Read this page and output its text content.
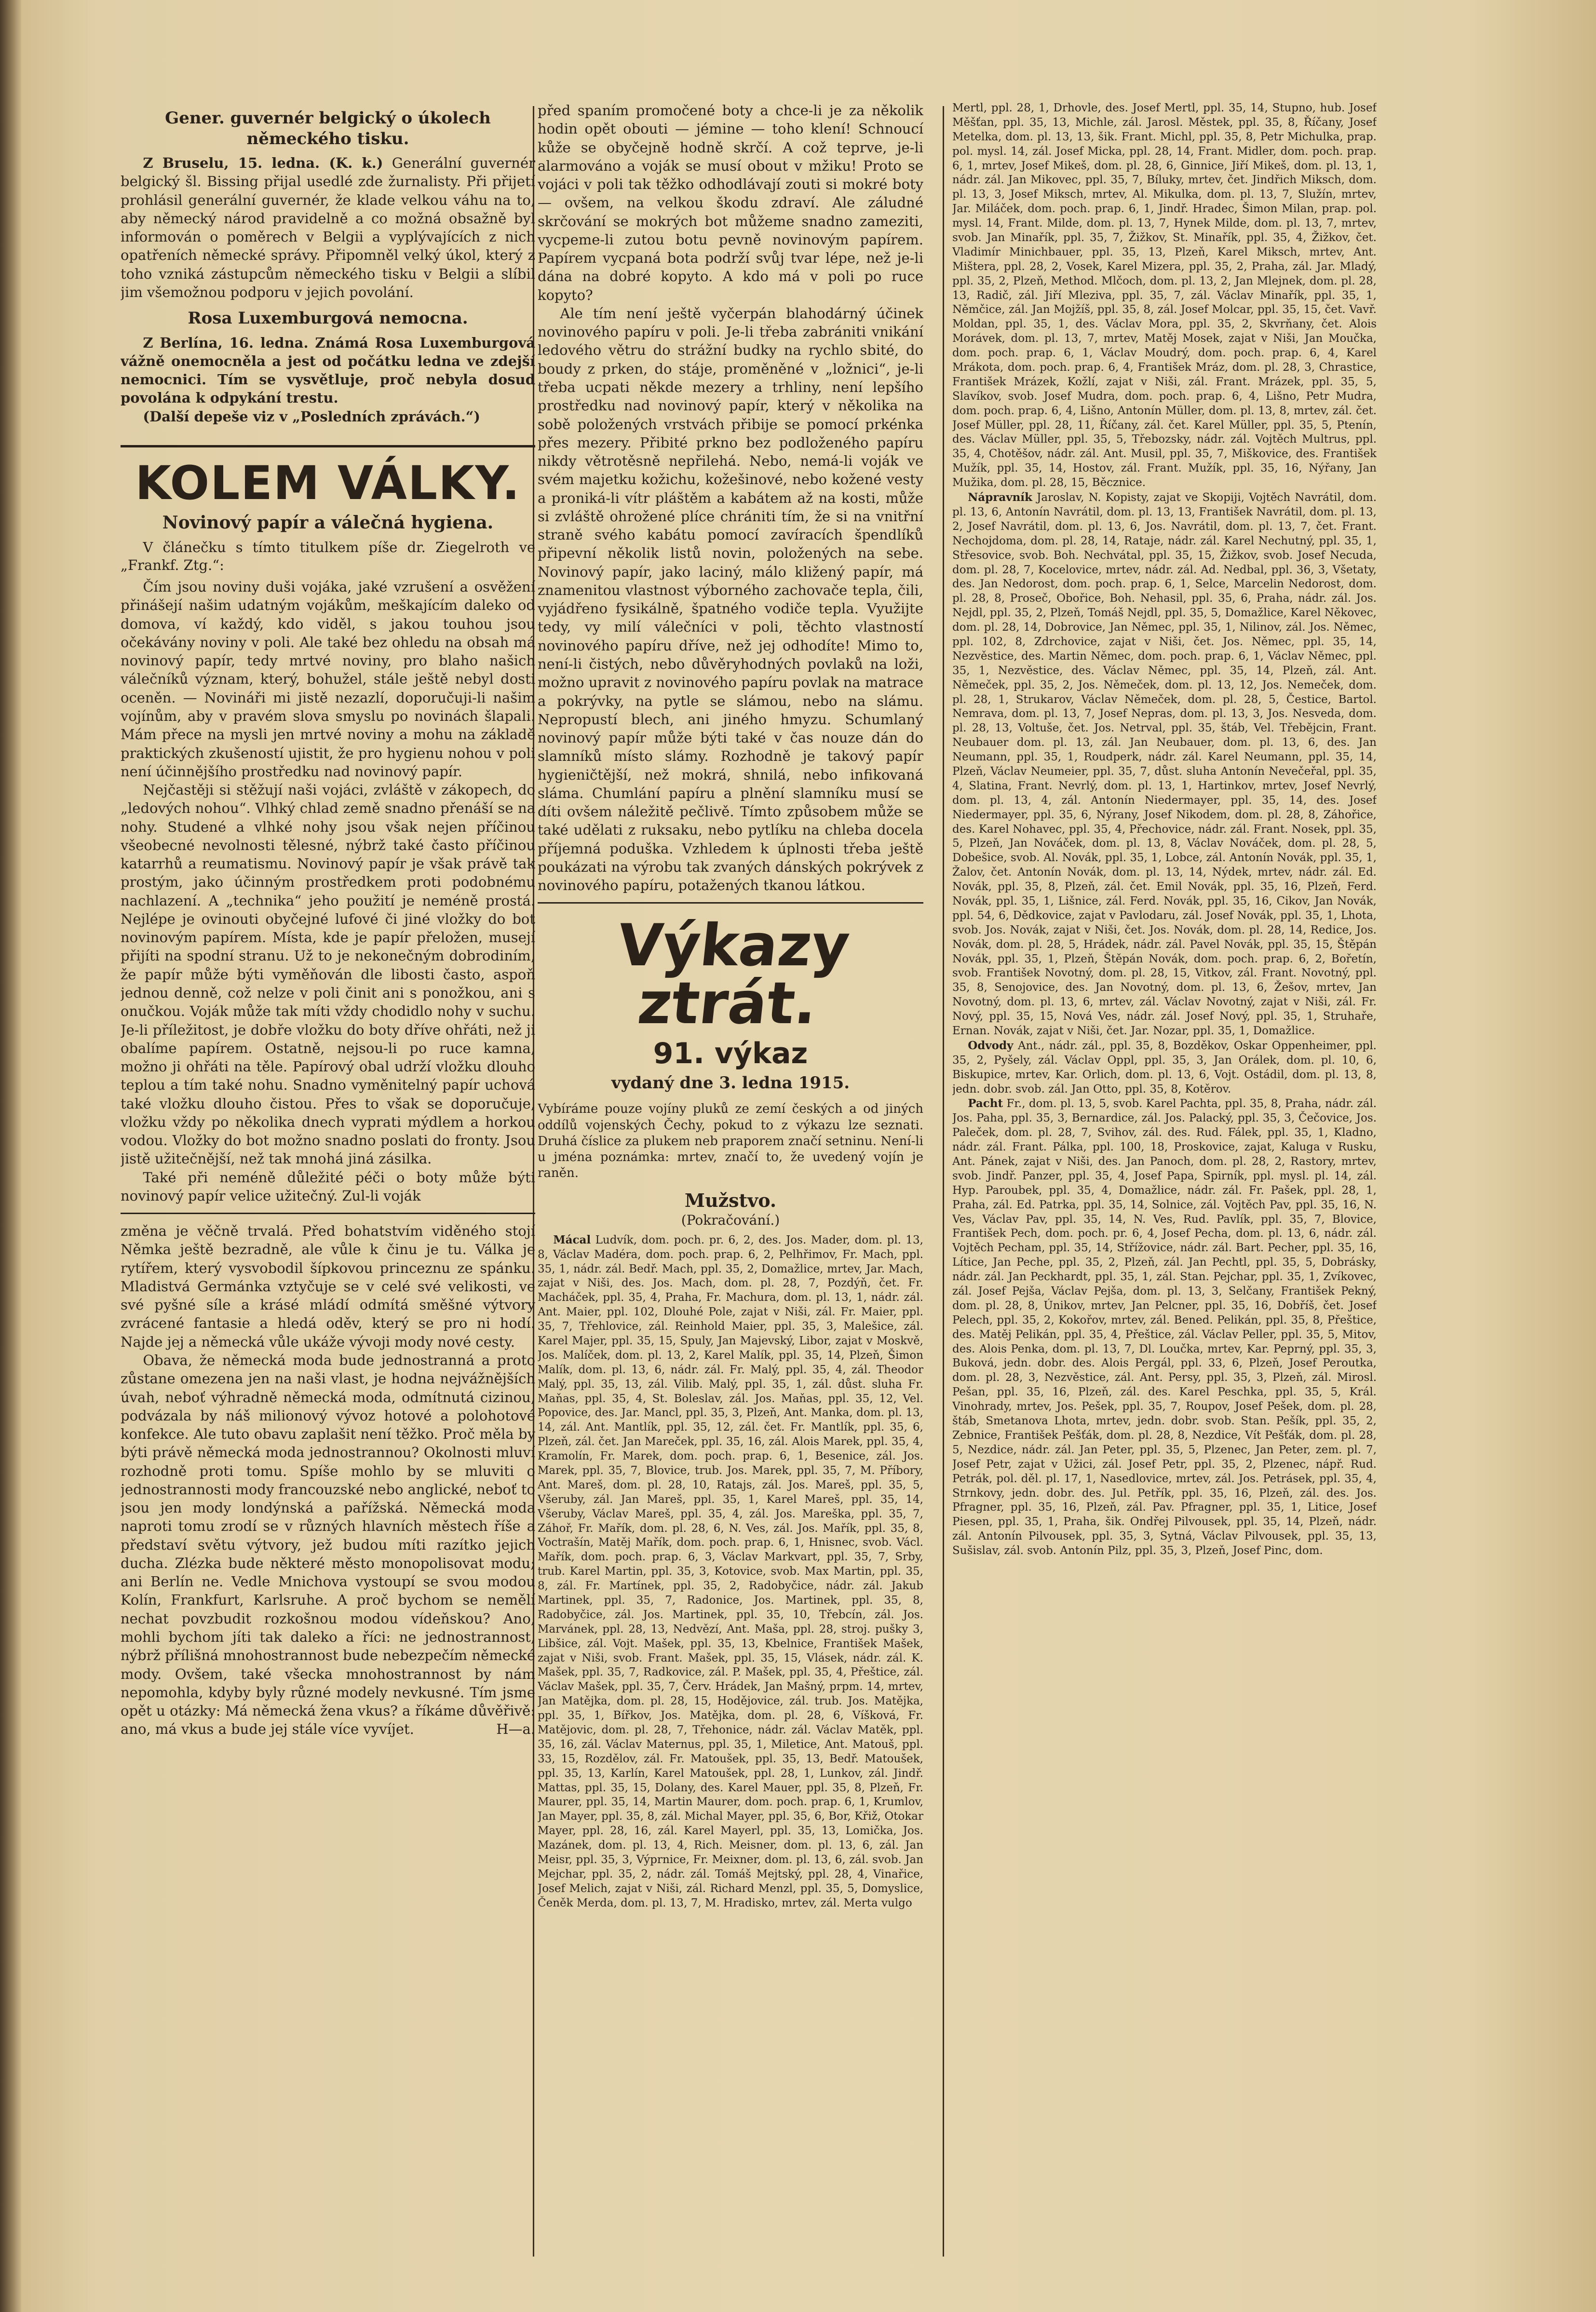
Gener. guvernér belgický o úkolech německého tisku.

Z Bruselu, 15. ledna. (K. k.) Generální guvernér belgický šl. Bissing přijal usedlé zde žurnalisty. Při přijetí prohlásil generální guvernér, že klade velkou váhu na to, aby německý národ pravidelně a co možná obsažně byl informován o poměrech v Belgii a vyplývajících z nich opatřeních německé správy. Připomněl velký úkol, který z toho vzniká zástupcům německého tisku v Belgii a slíbil jim všemožnou podporu v jejich povolání.

Rosa Luxemburgová nemocna.

Z Berlína, 16. ledna. Známá Rosa Luxemburgová vážně onemocněla a jest od počátku ledna ve zdejší nemocnici. Tím se vysvětluje, proč nebyla dosud povolána k odpykání trestu.

(Další depeše viz v „Posledních zprávách.“)

KOLEM VÁLKY.
Novinový papír a válečná hygiena.

V článečku s tímto titulkem píše dr. Ziegelroth ve „Frankf. Ztg.“:

Čím jsou noviny duši vojáka, jaké vzrušení a osvěžení přinášejí našim udatným vojákům, meškajícím daleko od domova, ví každý, kdo viděl, s jakou touhou jsou očekávány noviny v poli. Ale také bez ohledu na obsah má novinový papír, tedy mrtvé noviny, pro blaho našich válečníků význam, který, bohužel, stále ještě nebyl dosti oceněn. — Novináři mi jistě nezazlí, doporučuji-li našim vojínům, aby v pravém slova smyslu po novinách šlapali. Mám přece na mysli jen mrtvé noviny a mohu na základě praktických zkušeností ujistit, že pro hygienu nohou v poli není účinnějšího prostředku nad novinový papír.

Nejčastěji si stěžují naši vojáci, zvláště v zákopech, do „ledových nohou“. Vlhký chlad země snadno přenáší se na nohy. Studené a vlhké nohy jsou však nejen příčinou všeobecné nevolnosti tělesné, nýbrž také často příčinou katarrhů a reumatismu. Novinový papír je však právě tak prostým, jako účinným prostředkem proti podobnému nachlazení. A „technika“ jeho použití je neméně prostá. Nejlépe je ovinouti obyčejné lufové či jiné vložky do bot novinovým papírem. Místa, kde je papír přeložen, musejí přijíti na spodní stranu. Už to je nekonečným dobrodiním, že papír může býti vyměňován dle libosti často, aspoň jednou denně, což nelze v poli činit ani s ponožkou, ani s onučkou. Voják může tak míti vždy chodidlo nohy v suchu. Je-li příležitost, je dobře vložku do boty dříve ohřáti, než ji obalíme papírem. Ostatně, nejsou-li po ruce kamna, možno ji ohřáti na těle. Papírový obal udrží vložku dlouho teplou a tím také nohu. Snadno vyměnitelný papír uchová také vložku dlouho čistou. Přes to však se doporučuje, vložku vždy po několika dnech vyprati mýdlem a horkou vodou. Vložky do bot možno snadno poslati do fronty. Jsou jistě užitečnější, než tak mnohá jiná zásilka.

Také při neméně důležité péči o boty může býti novinový papír velice užitečný. Zul-li voják

změna je věčně trvalá. Před bohatstvím viděného stojí Němka ještě bezradně, ale vůle k činu je tu. Válka je rytířem, který vysvobodil šípkovou princeznu ze spánku. Mladistvá Germánka vztyčuje se v celé své velikosti, ve své pyšné síle a krásé mládí odmítá směšné výtvory zvrácené fantasie a hledá oděv, který se pro ni hodí. Najde jej a německá vůle ukáže vývoji mody nové cesty.

Obava, že německá moda bude jednostranná a proto zůstane omezena jen na naši vlast, je hodna nejvážnějších úvah, neboť výhradně německá moda, odmítnutá cizinou, podvázala by náš milionový vývoz hotové a polohotové konfekce. Ale tuto obavu zaplašit není těžko. Proč měla by býti právě německá moda jednostrannou? Okolnosti mluví rozhodně proti tomu. Spíše mohlo by se mluviti o jednostrannosti mody francouzské nebo anglické, neboť to jsou jen mody londýnská a pařížská. Německá moda naproti tomu zrodí se v různých hlavních městech říše a představí světu výtvory, jež budou míti razítko jejich ducha. Zlézka bude některé město monopolisovat modu; ani Berlín ne. Vedle Mnichova vystoupí se svou modou Kolín, Frankfurt, Karlsruhe. A proč bychom se nemělí nechat povzbudit rozkošnou modou vídeňskou? Ano, mohli bychom jíti tak daleko a říci: ne jednostrannost, nýbrž přílišná mnohostrannost bude nebezpečím německé mody. Ovšem, také všecka mnohostrannost by nám nepomohla, kdyby byly různé modely nevkusné. Tím jsme opět u otázky: Má německá žena vkus? a říkáme důvěřivě: ano, má vkus a bude jej stále více vyvíjet.	H—a.

před spaním promočené boty a chce-li je za několik hodin opět obouti — jémine — toho klení! Schnoucí kůže se obyčejně hodně skrčí. A což teprve, je-li alarmováno a voják se musí obout v mžiku! Proto se vojáci v poli tak těžko odhodlávají zouti si mokré boty — ovšem, na velkou škodu zdraví. Ale záludné skrčování se mokrých bot můžeme snadno zameziti, vycpeme-li zutou botu pevně novinovým papírem. Papírem vycpaná bota podrží svůj tvar lépe, než je-li dána na dobré kopyto. A kdo má v poli po ruce kopyto?

Ale tím není ještě vyčerpán blahodárný účinek novinového papíru v poli. Je-li třeba zabrániti vnikání ledového větru do strážní budky na rychlo sbité, do boudy z prken, do stáje, proměněné v „ložnici“, je-li třeba ucpati někde mezery a trhliny, není lepšího prostředku nad novinový papír, který v několika na sobě položených vrstvách přibije se pomocí prkénka přes mezery. Přibité prkno bez podloženého papíru nikdy větrotěsně nepřilehá. Nebo, nemá-li voják ve svém majetku kožichu, kožešinové, nebo kožené vesty a proniká-li vítr pláštěm a kabátem až na kosti, může si zvláště ohrožené plíce chrániti tím, že si na vnitřní straně svého kabátu pomocí zavíracích špendlíků připevní několik listů novin, položených na sebe. Novinový papír, jako laciný, málo kližený papír, má znamenitou vlastnost výborného zachovače tepla, čili, vyjádřeno fysikálně, špatného vodiče tepla. Využijte tedy, vy milí válečníci v poli, těchto vlastností novinového papíru dříve, než jej odhodíte! Mimo to, není-li čistých, nebo důvěryhodných povlaků na loži, možno upravit z novinového papíru povlak na matrace a pokrývky, na pytle se slámou, nebo na slámu. Nepropustí blech, ani jiného hmyzu. Schumlaný novinový papír může býti také v čas nouze dán do slamníků místo slámy. Rozhodně je takový papír hygieničtější, než mokrá, shnilá, nebo infikovaná sláma. Chumlání papíru a plnění slamníku musí se díti ovšem náležitě pečlivě. Tímto způsobem může se také udělati z ruksaku, nebo pytlíku na chleba docela příjemná poduška. Vzhledem k úplnosti třeba ještě poukázati na výrobu tak zvaných dánských pokrývek z novinového papíru, potažených tkanou látkou.

Výkazy ztrát.
91. výkaz
vydaný dne 3. ledna 1915.

Vybíráme pouze vojíny pluků ze zemí českých a od jiných oddílů vojenských Čechy, pokud to z výkazu lze seznati. Druhá číslice za plukem neb praporem značí setninu. Není-li u jména poznámka: mrtev, značí to, že uvedený vojín je raněn.

Mužstvo.
(Pokračování.)

Mácal Ludvík, dom. poch. pr. 6, 2, des. Jos. Mader, dom. pl. 13, 8, Václav Madéra, dom. poch. prap. 6, 2, Pelhřimov, Fr. Mach, ppl. 35, 1, nádr. zál. Bedř. Mach, ppl. 35, 2, Domažlice, mrtev, Jar. Mach, zajat v Niši, des. Jos. Mach, dom. pl. 28, 7, Pozdýň, čet. Fr. Macháček, ppl. 35, 4, Praha, Fr. Machura, dom. pl. 13, 1, nádr. zál. Ant. Maier, ppl. 102, Dlouhé Pole, zajat v Niši, zál. Fr. Maier, ppl. 35, 7, Třehlovice, zál. Reinhold Maier, ppl. 35, 3, Malešice, zál. Karel Majer, ppl. 35, 15, Spuly, Jan Majevský, Libor, zajat v Moskvě, Jos. Malíček, dom. pl. 13, 2, Karel Malík, ppl. 35, 14, Plzeň, Šimon Malík, dom. pl. 13, 6, nádr. zál. Fr. Malý, ppl. 35, 4, zál. Theodor Malý, ppl. 35, 13, zál. Vilib. Malý, ppl. 35, 1, zál. důst. sluha Fr. Maňas, ppl. 35, 4, St. Boleslav, zál. Jos. Maňas, ppl. 35, 12, Vel. Popovice, des. Jar. Mancl, ppl. 35, 3, Plzeň, Ant. Manka, dom. pl. 13, 14, zál. Ant. Mantlík, ppl. 35, 12, zál. čet. Fr. Mantlík, ppl. 35, 6, Plzeň, zál. čet. Jan Mareček, ppl. 35, 16, zál. Alois Marek, ppl. 35, 4, Kramolín, Fr. Marek, dom. poch. prap. 6, 1, Besenice, zál. Jos. Marek, ppl. 35, 7, Blovice, trub. Jos. Marek, ppl. 35, 7, M. Příbory, Ant. Mareš, dom. pl. 28, 10, Ratajs, zál. Jos. Mareš, ppl. 35, 5, Všeruby, zál. Jan Mareš, ppl. 35, 1, Karel Mareš, ppl. 35, 14, Všeruby, Václav Mareš, ppl. 35, 4, zál. Jos. Mareška, ppl. 35, 7, Záhoř, Fr. Mařík, dom. pl. 28, 6, N. Ves, zál. Jos. Mařík, ppl. 35, 8, Voctrašín, Matěj Mařík, dom. poch. prap. 6, 1, Hnisnec, svob. Václ. Mařík, dom. poch. prap. 6, 3, Václav Markvart, ppl. 35, 7, Srby, trub. Karel Martin, ppl. 35, 3, Kotovice, svob. Max Martin, ppl. 35, 8, zál. Fr. Martínek, ppl. 35, 2, Radobyčice, nádr. zál. Jakub Martinek, ppl. 35, 7, Radonice, Jos. Martinek, ppl. 35, 8, Radobyčice, zál. Jos. Martinek, ppl. 35, 10, Třebcín, zál. Jos. Marvánek, ppl. 28, 13, Nedvězí, Ant. Maša, ppl. 28, stroj. pušky 3, Libšice, zál. Vojt. Mašek, ppl. 35, 13, Kbelnice, František Mašek, zajat v Niši, svob. Frant. Mašek, ppl. 35, 15, Vlásek, nádr. zál. K. Mašek, ppl. 35, 7, Radkovice, zál. P. Mašek, ppl. 35, 4, Přeštice, zál. Václav Mašek, ppl. 35, 7, Červ. Hrádek, Jan Mašný, prpm. 14, mrtev, Jan Matějka, dom. pl. 28, 15, Hodějovice, zál. trub. Jos. Matějka, ppl. 35, 1, Bířkov, Jos. Matějka, dom. pl. 28, 6, Víšková, Fr. Matějovic, dom. pl. 28, 7, Třehonice, nádr. zál. Václav Matěk, ppl. 35, 16, zál. Václav Maternus, ppl. 35, 1, Miletice, Ant. Matouš, ppl. 33, 15, Rozdělov, zál. Fr. Matoušek, ppl. 35, 13, Bedř. Matoušek, ppl. 35, 13, Karlín, Karel Matoušek, ppl. 28, 1, Lunkov, zál. Jindř. Mattas, ppl. 35, 15, Dolany, des. Karel Mauer, ppl. 35, 8, Plzeň, Fr. Maurer, ppl. 35, 14, Martin Maurer, dom. poch. prap. 6, 1, Krumlov, Jan Mayer, ppl. 35, 8, zál. Michal Mayer, ppl. 35, 6, Bor, Křiž, Otokar Mayer, ppl. 28, 16, zál. Karel Mayerl, ppl. 35, 13, Lomička, Jos. Mazánek, dom. pl. 13, 4, Rich. Meisner, dom. pl. 13, 6, zál. Jan Meisr, ppl. 35, 3, Výprnice, Fr. Meixner, dom. pl. 13, 6, zál. svob. Jan Mejchar, ppl. 35, 2, nádr. zál. Tomáš Mejtský, ppl. 28, 4, Vinařice, Josef Melich, zajat v Niši, zál. Richard Menzl, ppl. 35, 5, Domyslice, Čeněk Merda, dom. pl. 13, 7, M. Hradisko, mrtev, zál. Merta vulgo

Mertl, ppl. 28, 1, Drhovle, des. Josef Mertl, ppl. 35, 14, Stupno, hub. Josef Měšťan, ppl. 35, 13, Michle, zál. Jarosl. Městek, ppl. 35, 8, Říčany, Josef Metelka, dom. pl. 13, 13, šik. Frant. Michl, ppl. 35, 8, Petr Michulka, prap. pol. mysl. 14, zál. Josef Micka, ppl. 28, 14, Frant. Midler, dom. poch. prap. 6, 1, mrtev, Josef Mikeš, dom. pl. 28, 6, Ginnice, Jiří Mikeš, dom. pl. 13, 1, nádr. zál. Jan Mikovec, ppl. 35, 7, Bíluky, mrtev, čet. Jindřich Miksch, dom. pl. 13, 3, Josef Miksch, mrtev, Al. Mikulka, dom. pl. 13, 7, Služín, mrtev, Jar. Miláček, dom. poch. prap. 6, 1, Jindř. Hradec, Šimon Milan, prap. pol. mysl. 14, Frant. Milde, dom. pl. 13, 7, Hynek Milde, dom. pl. 13, 7, mrtev, svob. Jan Minařík, ppl. 35, 7, Žižkov, St. Minařík, ppl. 35, 4, Žižkov, čet. Vladimír Minichbauer, ppl. 35, 13, Plzeň, Karel Miksch, mrtev, Ant. Mištera, ppl. 28, 2, Vosek, Karel Mizera, ppl. 35, 2, Praha, zál. Jar. Mladý, ppl. 35, 2, Plzeň, Method. Mlčoch, dom. pl. 13, 2, Jan Mlejnek, dom. pl. 28, 13, Radič, zál. Jiří Mleziva, ppl. 35, 7, zál. Václav Minařík, ppl. 35, 1, Němčice, zál. Jan Mojžíš, ppl. 35, 8, zál. Josef Molcar, ppl. 35, 15, čet. Vavř. Moldan, ppl. 35, 1, des. Václav Mora, ppl. 35, 2, Skvrňany, čet. Alois Morávek, dom. pl. 13, 7, mrtev, Matěj Mosek, zajat v Niši, Jan Moučka, dom. poch. prap. 6, 1, Václav Moudrý, dom. poch. prap. 6, 4, Karel Mrákota, dom. poch. prap. 6, 4, František Mráz, dom. pl. 28, 3, Chrastice, František Mrázek, Kožlí, zajat v Niši, zál. Frant. Mrázek, ppl. 35, 5, Slavíkov, svob. Josef Mudra, dom. poch. prap. 6, 4, Lišno, Petr Mudra, dom. poch. prap. 6, 4, Lišno, Antonín Müller, dom. pl. 13, 8, mrtev, zál. čet. Josef Müller, ppl. 28, 11, Říčany, zál. čet. Karel Müller, ppl. 35, 5, Ptenín, des. Václav Müller, ppl. 35, 5, Třebozsky, nádr. zál. Vojtěch Multrus, ppl. 35, 4, Chotěšov, nádr. zál. Ant. Musil, ppl. 35, 7, Miškovice, des. František Mužík, ppl. 35, 14, Hostov, zál. Frant. Mužík, ppl. 35, 16, Nýřany, Jan Mužika, dom. pl. 28, 15, Běcznice.

Nápravník Jaroslav, N. Kopisty, zajat ve Skopiji, Vojtěch Navrátil, dom. pl. 13, 6, Antonín Navrátil, dom. pl. 13, 13, František Navrátil, dom. pl. 13, 2, Josef Navrátil, dom. pl. 13, 6, Jos. Navrátil, dom. pl. 13, 7, čet. Frant. Nechojdoma, dom. pl. 28, 14, Rataje, nádr. zál. Karel Nechutný, ppl. 35, 1, Střesovice, svob. Boh. Nechvátal, ppl. 35, 15, Žižkov, svob. Josef Necuda, dom. pl. 28, 7, Kocelovice, mrtev, nádr. zál. Ad. Nedbal, ppl. 36, 3, Všetaty, des. Jan Nedorost, dom. poch. prap. 6, 1, Selce, Marcelin Nedorost, dom. pl. 28, 8, Proseč, Obořice, Boh. Nehasil, ppl. 35, 6, Praha, nádr. zál. Jos. Nejdl, ppl. 35, 2, Plzeň, Tomáš Nejdl, ppl. 35, 5, Domažlice, Karel Někovec, dom. pl. 28, 14, Dobrovice, Jan Němec, ppl. 35, 1, Nilinov, zál. Jos. Němec, ppl. 102, 8, Zdrchovice, zajat v Niši, čet. Jos. Němec, ppl. 35, 14, Nezvěstice, des. Martin Němec, dom. poch. prap. 6, 1, Václav Němec, ppl. 35, 1, Nezvěstice, des. Václav Němec, ppl. 35, 14, Plzeň, zál. Ant. Němeček, ppl. 35, 2, Jos. Němeček, dom. pl. 13, 12, Jos. Nemeček, dom. pl. 28, 1, Strukarov, Václav Němeček, dom. pl. 28, 5, Čestice, Bartol. Nemrava, dom. pl. 13, 7, Josef Nepras, dom. pl. 13, 3, Jos. Nesveda, dom. pl. 28, 13, Voltuše, čet. Jos. Netrval, ppl. 35, štáb, Vel. Třebějcin, Frant. Neubauer dom. pl. 13, zál. Jan Neubauer, dom. pl. 13, 6, des. Jan Neumann, ppl. 35, 1, Roudperk, nádr. zál. Karel Neumann, ppl. 35, 14, Plzeň, Václav Neumeier, ppl. 35, 7, důst. sluha Antonín Nevečeřal, ppl. 35, 4, Slatina, Frant. Nevrlý, dom. pl. 13, 1, Hartinkov, mrtev, Josef Nevrlý, dom. pl. 13, 4, zál. Antonín Niedermayer, ppl. 35, 14, des. Josef Niedermayer, ppl. 35, 6, Nýrany, Josef Nikodem, dom. pl. 28, 8, Záhořice, des. Karel Nohavec, ppl. 35, 4, Přechovice, nádr. zál. Frant. Nosek, ppl. 35, 5, Plzeň, Jan Nováček, dom. pl. 13, 8, Václav Nováček, dom. pl. 28, 5, Dobešice, svob. Al. Novák, ppl. 35, 1, Lobce, zál. Antonín Novák, ppl. 35, 1, Žalov, čet. Antonín Novák, dom. pl. 13, 14, Nýdek, mrtev, nádr. zál. Ed. Novák, ppl. 35, 8, Plzeň, zál. čet. Emil Novák, ppl. 35, 16, Plzeň, Ferd. Novák, ppl. 35, 1, Lišnice, zál. Ferd. Novák, ppl. 35, 16, Cikov, Jan Novák, ppl. 54, 6, Dědkovice, zajat v Pavlodaru, zál. Josef Novák, ppl. 35, 1, Lhota, svob. Jos. Novák, zajat v Niši, čet. Jos. Novák, dom. pl. 28, 14, Redice, Jos. Novák, dom. pl. 28, 5, Hrádek, nádr. zál. Pavel Novák, ppl. 35, 15, Štěpán Novák, ppl. 35, 1, Plzeň, Štěpán Novák, dom. poch. prap. 6, 2, Bořetín, svob. František Novotný, dom. pl. 28, 15, Vitkov, zál. Frant. Novotný, ppl. 35, 8, Senojovice, des. Jan Novotný, dom. pl. 13, 6, Žešov, mrtev, Jan Novotný, dom. pl. 13, 6, mrtev, zál. Václav Novotný, zajat v Niši, zál. Fr. Nový, ppl. 35, 15, Nová Ves, nádr. zál. Josef Nový, ppl. 35, 1, Struhaře, Ernan. Novák, zajat v Niši, čet. Jar. Nozar, ppl. 35, 1, Domažlice.

Odvody Ant., nádr. zál., ppl. 35, 8, Bozděkov, Oskar Oppenheimer, ppl. 35, 2, Pyšely, zál. Václav Oppl, ppl. 35, 3, Jan Orálek, dom. pl. 10, 6, Biskupice, mrtev, Kar. Orlich, dom. pl. 13, 6, Vojt. Ostádil, dom. pl. 13, 8, jedn. dobr. svob. zál. Jan Otto, ppl. 35, 8, Kotěrov.

Pacht Fr., dom. pl. 13, 5, svob. Karel Pachta, ppl. 35, 8, Praha, nádr. zál. Jos. Paha, ppl. 35, 3, Bernardice, zál. Jos. Palacký, ppl. 35, 3, Čečovice, Jos. Paleček, dom. pl. 28, 7, Svihov, zál. des. Rud. Fálek, ppl. 35, 1, Kladno, nádr. zál. Frant. Pálka, ppl. 100, 18, Proskovice, zajat, Kaluga v Rusku, Ant. Pánek, zajat v Niši, des. Jan Panoch, dom. pl. 28, 2, Rastory, mrtev, svob. Jindř. Panzer, ppl. 35, 4, Josef Papa, Spirník, ppl. mysl. pl. 14, zál. Hyp. Paroubek, ppl. 35, 4, Domažlice, nádr. zál. Fr. Pašek, ppl. 28, 1, Praha, zál. Ed. Patrka, ppl. 35, 14, Solnice, zál. Vojtěch Pav, ppl. 35, 16, N. Ves, Václav Pav, ppl. 35, 14, N. Ves, Rud. Pavlík, ppl. 35, 7, Blovice, František Pech, dom. poch. pr. 6, 4, Josef Pecha, dom. pl. 13, 6, nádr. zál. Vojtěch Pecham, ppl. 35, 14, Střížovice, nádr. zál. Bart. Pecher, ppl. 35, 16, Lítice, Jan Peche, ppl. 35, 2, Plzeň, zál. Jan Pechtl, ppl. 35, 5, Dobrásky, nádr. zál. Jan Peckhardt, ppl. 35, 1, zál. Stan. Pejchar, ppl. 35, 1, Zvíkovec, zál. Josef Pejša, Václav Pejša, dom. pl. 13, 3, Selčany, František Pekný, dom. pl. 28, 8, Únikov, mrtev, Jan Pelcner, ppl. 35, 16, Dobříš, čet. Josef Pelech, ppl. 35, 2, Kokořov, mrtev, zál. Bened. Pelikán, ppl. 35, 8, Přeštice, des. Matěj Pelikán, ppl. 35, 4, Přeštice, zál. Václav Peller, ppl. 35, 5, Mitov, des. Alois Penka, dom. pl. 13, 7, Dl. Loučka, mrtev, Kar. Peprný, ppl. 35, 3, Buková, jedn. dobr. des. Alois Pergál, ppl. 33, 6, Plzeň, Josef Peroutka, dom. pl. 28, 3, Nezvěstice, zál. Ant. Persy, ppl. 35, 3, Plzeň, zál. Mirosl. Pešan, ppl. 35, 16, Plzeň, zál. des. Karel Peschka, ppl. 35, 5, Král. Vinohrady, mrtev, Jos. Pešek, ppl. 35, 7, Roupov, Josef Pešek, dom. pl. 28, štáb, Smetanova Lhota, mrtev, jedn. dobr. svob. Stan. Pešík, ppl. 35, 2, Zebnice, František Pešťák, dom. pl. 28, 8, Nezdice, Vít Pešťák, dom. pl. 28, 5, Nezdice, nádr. zál. Jan Peter, ppl. 35, 5, Plzenec, Jan Peter, zem. pl. 7, Josef Petr, zajat v Užici, zál. Josef Petr, ppl. 35, 2, Plzenec, nápř. Rud. Petrák, pol. děl. pl. 17, 1, Nasedlovice, mrtev, zál. Jos. Petrásek, ppl. 35, 4, Strnkovy, jedn. dobr. des. Jul. Petřík, ppl. 35, 16, Plzeň, zál. des. Jos. Pfragner, ppl. 35, 16, Plzeň, zál. Pav. Pfragner, ppl. 35, 1, Litice, Josef Piesen, ppl. 35, 1, Praha, šik. Ondřej Pilvousek, ppl. 35, 14, Plzeň, nádr. zál. Antonín Pilvousek, ppl. 35, 3, Sytná, Václav Pilvousek, ppl. 35, 13, Sušislav, zál. svob. Antonín Pilz, ppl. 35, 3, Plzeň, Josef Pinc, dom.
